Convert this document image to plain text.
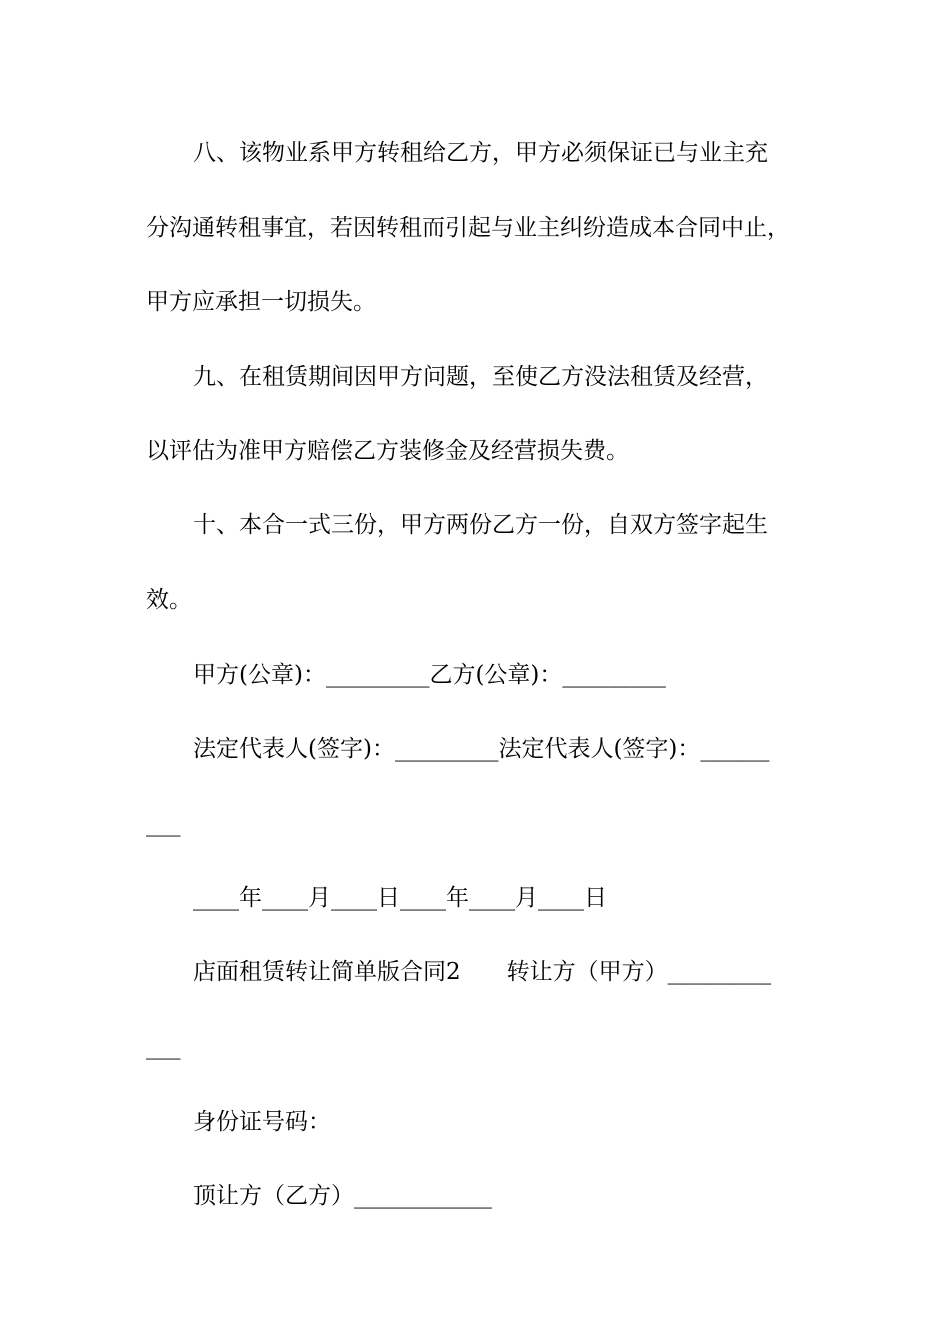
八、该物业系甲方转租给乙方，甲方必须保证已与业主充
分沟通转租事宜，若因转租而引起与业主纠纷造成本合同中止，
甲方应承担一切损失。
九、在租赁期间因甲方问题，至使乙方没法租赁及经营，
以评估为准甲方赔偿乙方装修金及经营损失费。
十、本合一式三份，甲方两份乙方一份，自双方签字起生
效。
甲方(公章)：_________乙方(公章)：_________
法定代表人(签字)：_________法定代表人(签字)：______
___
____年____月____日____年____月____日
店面租赁转让简单版合同2　　转让方（甲方）_________
___
身份证号码：
顶让方（乙方）____________
